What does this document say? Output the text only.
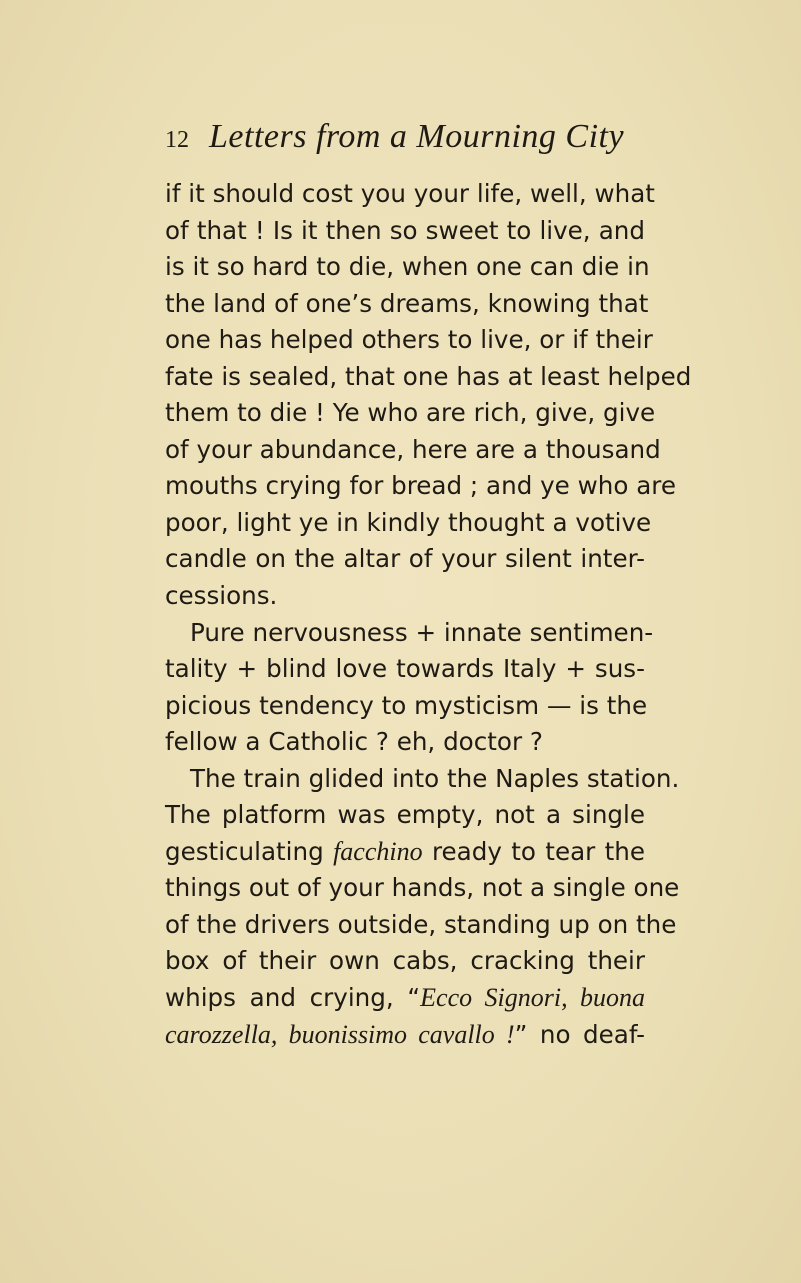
12 Letters from a Mourning City
if it should cost you your life, well, what
of that ! Is it then so sweet to live, and
is it so hard to die, when one can die in
the land of one’s dreams, knowing that
one has helped others to live, or if their
fate is sealed, that one has at least helped
them to die ! Ye who are rich, give, give
of your abundance, here are a thousand
mouths crying for bread ; and ye who are
poor, light ye in kindly thought a votive
candle on the altar of your silent inter-
cessions.
Pure nervousness + innate sentimen-
tality + blind love towards Italy + sus-
picious tendency to mysticism — is the
fellow a Catholic ? eh, doctor ?
The train glided into the Naples station.
The platform was empty, not a single
gesticulating facchino ready to tear the
things out of your hands, not a single one
of the drivers outside, standing up on the
box of their own cabs, cracking their
whips and crying, “Ecco Signori, buona
carozzella, buonissimo cavallo !” no deaf-
